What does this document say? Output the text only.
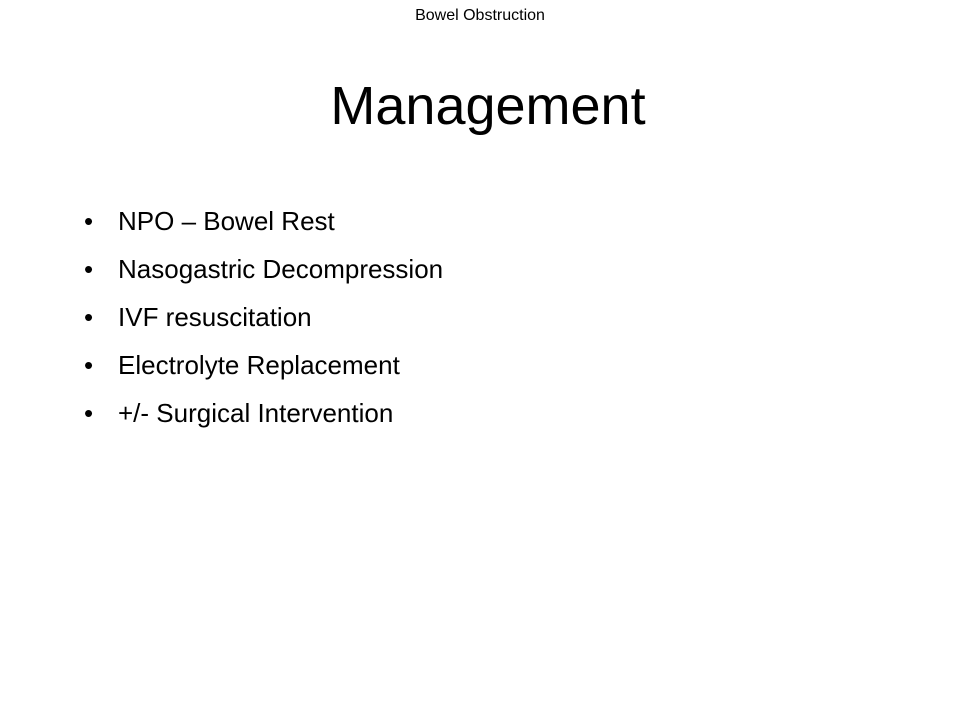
Bowel Obstruction
Management
• NPO – Bowel Rest
• Nasogastric Decompression
• IVF resuscitation
• Electrolyte Replacement
• +/- Surgical Intervention
